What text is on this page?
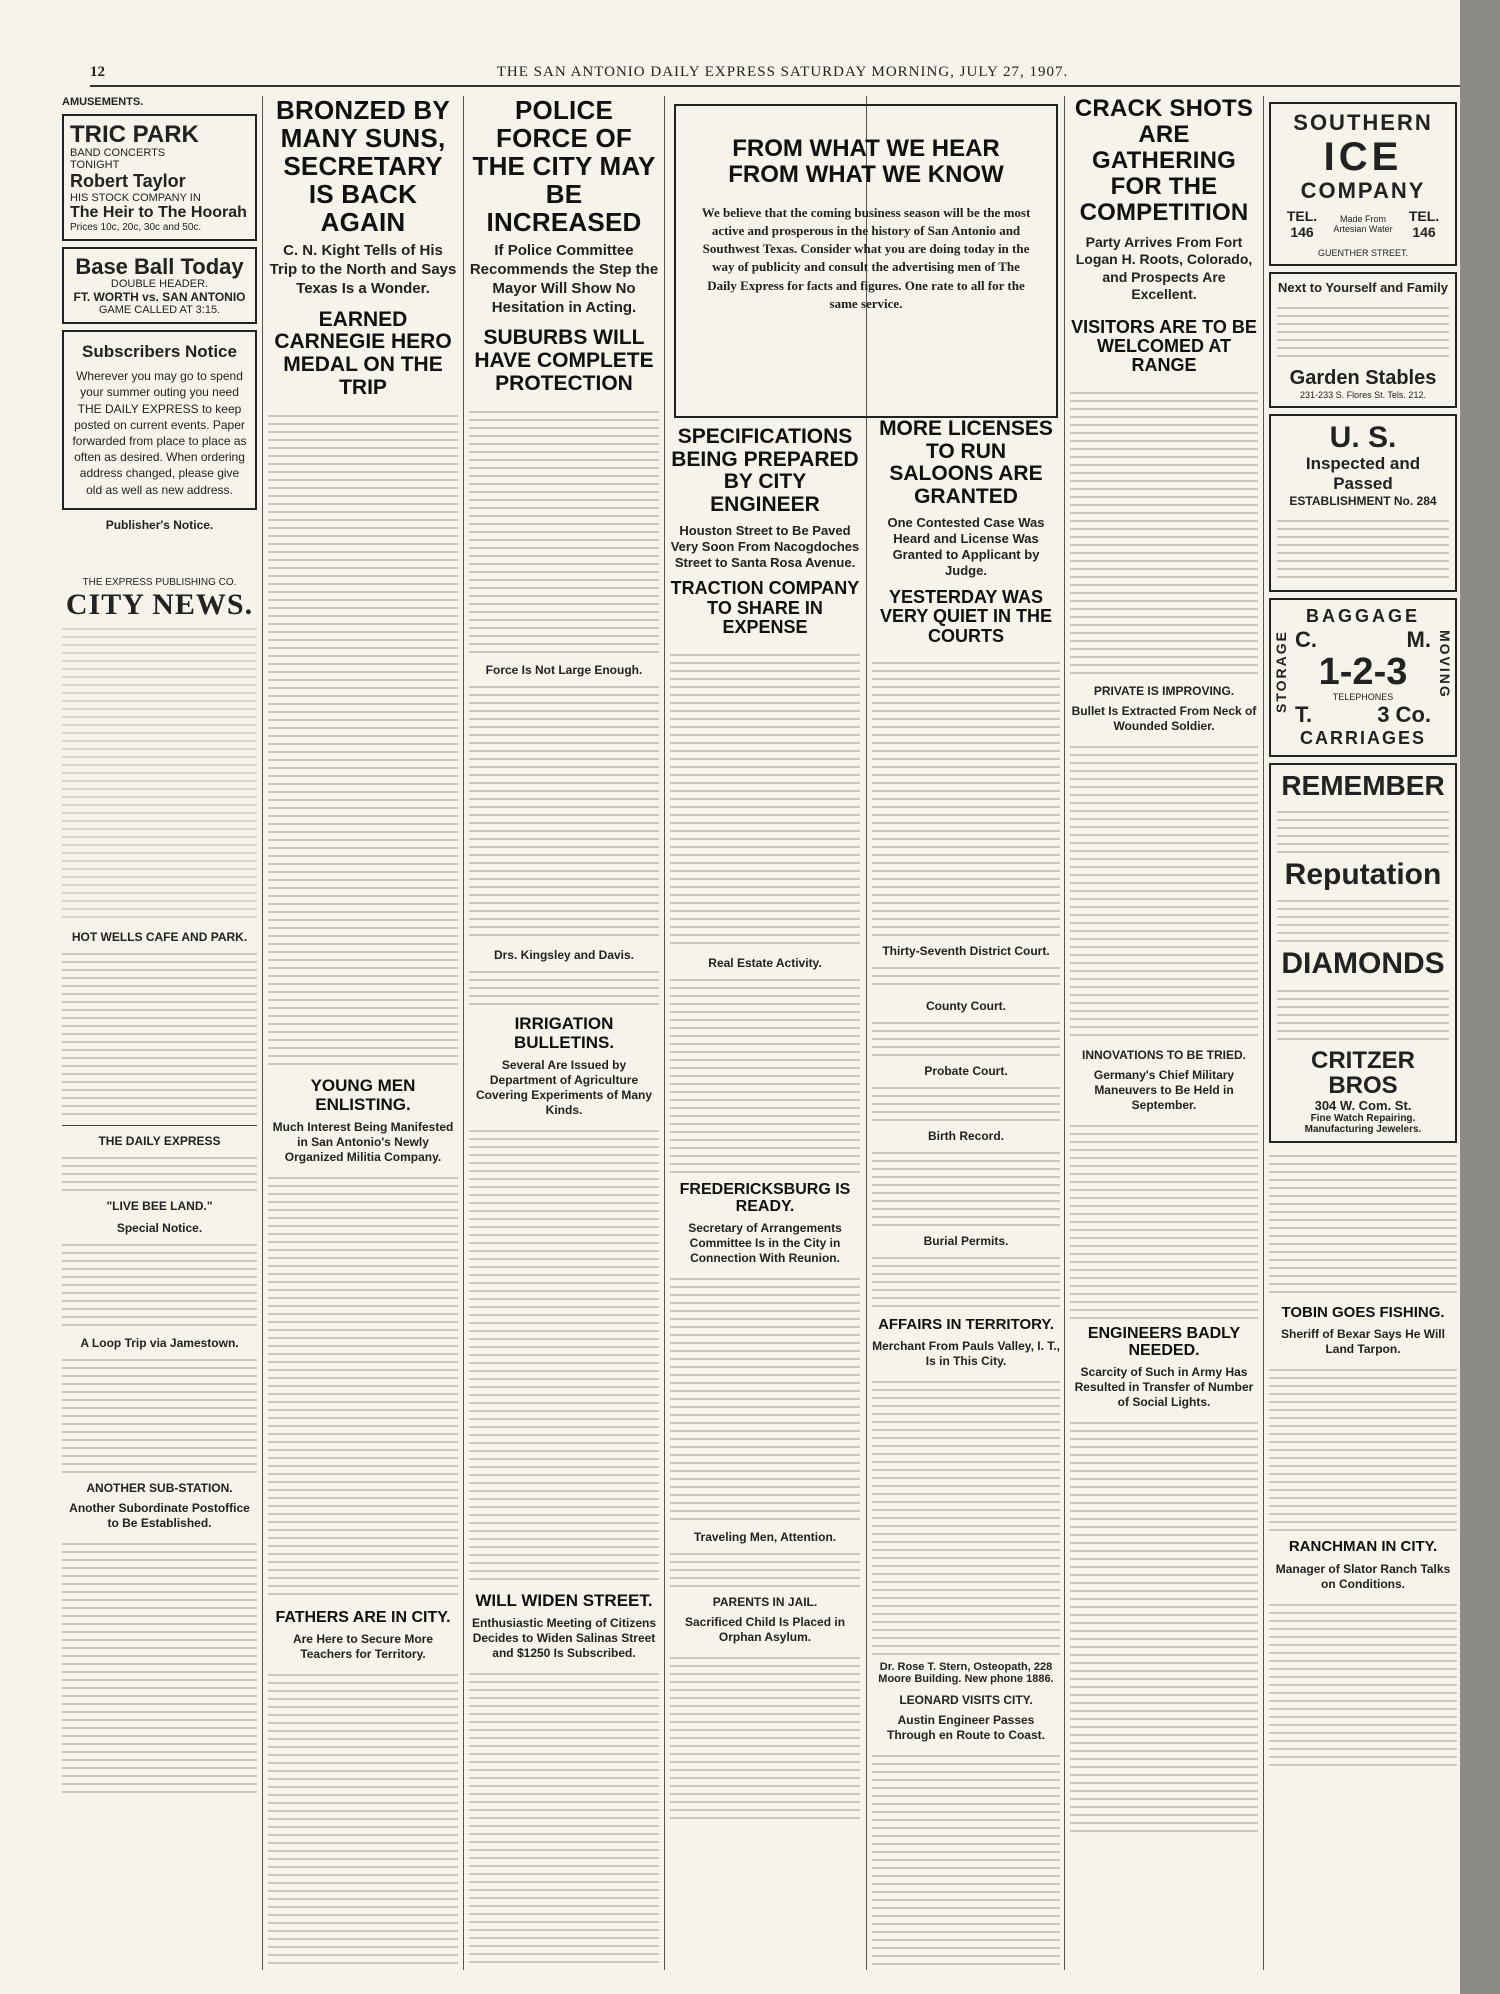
12	THE SAN ANTONIO DAILY EXPRESS SATURDAY MORNING, JULY 27, 1907.
AMUSEMENTS.
TRIC PARK
BAND CONCERTS
TONIGHT
Robert Taylor
HIS STOCK COMPANY IN
The Heir to The Hoorah
Prices 10c, 20c, 30c and 50c.
Base Ball Today
DOUBLE HEADER.
FT. WORTH vs. SAN ANTONIO
GAME CALLED AT 3:15.
Subscribers Notice
Wherever you may go to spend your summer outing you need THE DAILY EXPRESS to keep posted on current events. Paper forwarded from place to place as often as desired. When ordering address changed, please give old as well as new address.
Publisher's Notice.
THE EXPRESS PUBLISHING CO.
CITY NEWS.
HOT WELLS CAFE AND PARK.
THE DAILY EXPRESS
"LIVE BEE LAND."
Special Notice.
A Loop Trip via Jamestown.
ANOTHER SUB-STATION.
Another Subordinate Postoffice to Be Established.
BRONZED BY MANY SUNS, SECRETARY IS BACK AGAIN
C. N. Kight Tells of His Trip to the North and Says Texas Is a Wonder.
EARNED CARNEGIE HERO MEDAL ON THE TRIP
YOUNG MEN ENLISTING.
Much Interest Being Manifested in San Antonio's Newly Organized Militia Company.
FATHERS ARE IN CITY.
Are Here to Secure More Teachers for Territory.
POLICE FORCE OF THE CITY MAY BE INCREASED
If Police Committee Recommends the Step the Mayor Will Show No Hesitation in Acting.
SUBURBS WILL HAVE COMPLETE PROTECTION
Force Is Not Large Enough.
Drs. Kingsley and Davis.
IRRIGATION BULLETINS.
Several Are Issued by Department of Agriculture Covering Experiments of Many Kinds.
WILL WIDEN STREET.
Enthusiastic Meeting of Citizens Decides to Widen Salinas Street and $1250 Is Subscribed.
FROM WHAT WE HEAR FROM WHAT WE KNOW
We believe that the coming business season will be the most active and prosperous in the history of San Antonio and Southwest Texas. Consider what you are doing today in the way of publicity and consult the advertising men of The Daily Express for facts and figures. One rate to all for the same service.
SPECIFICATIONS BEING PREPARED BY CITY ENGINEER
Houston Street to Be Paved Very Soon From Nacogdoches Street to Santa Rosa Avenue.
TRACTION COMPANY TO SHARE IN EXPENSE
Real Estate Activity.
FREDERICKSBURG IS READY.
Secretary of Arrangements Committee Is in the City in Connection With Reunion.
Traveling Men, Attention.
PARENTS IN JAIL.
Sacrificed Child Is Placed in Orphan Asylum.
MORE LICENSES TO RUN SALOONS ARE GRANTED
One Contested Case Was Heard and License Was Granted to Applicant by Judge.
YESTERDAY WAS VERY QUIET IN THE COURTS
Thirty-Seventh District Court.
County Court.
Probate Court.
Birth Record.
Burial Permits.
AFFAIRS IN TERRITORY.
Merchant From Pauls Valley, I. T., Is in This City.
Dr. Rose T. Stern, Osteopath, 228 Moore Building. New phone 1886.
LEONARD VISITS CITY.
Austin Engineer Passes Through en Route to Coast.
CRACK SHOTS ARE GATHERING FOR THE COMPETITION
Party Arrives From Fort Logan H. Roots, Colorado, and Prospects Are Excellent.
VISITORS ARE TO BE WELCOMED AT RANGE
PRIVATE IS IMPROVING.
Bullet Is Extracted From Neck of Wounded Soldier.
INNOVATIONS TO BE TRIED.
Germany's Chief Military Maneuvers to Be Held in September.
ENGINEERS BADLY NEEDED.
Scarcity of Such in Army Has Resulted in Transfer of Number of Social Lights.
SOUTHERN
ICE
COMPANY
TEL. 146
Made From Artesian Water
TEL. 146
GUENTHER STREET.
Next to Yourself and Family
Garden Stables
231-233 S. Flores St. Tels. 212.
U. S.
Inspected and Passed
ESTABLISHMENT No. 284
BAGGAGE
STORAGE	MOVING
C.	M.
1-2-3
TELEPHONES
T.	3 Co.
CARRIAGES
REMEMBER
Reputation
DIAMONDS
CRITZER BROS
304 W. Com. St.
Fine Watch Repairing.
Manufacturing Jewelers.
TOBIN GOES FISHING.
Sheriff of Bexar Says He Will Land Tarpon.
RANCHMAN IN CITY.
Manager of Slator Ranch Talks on Conditions.
